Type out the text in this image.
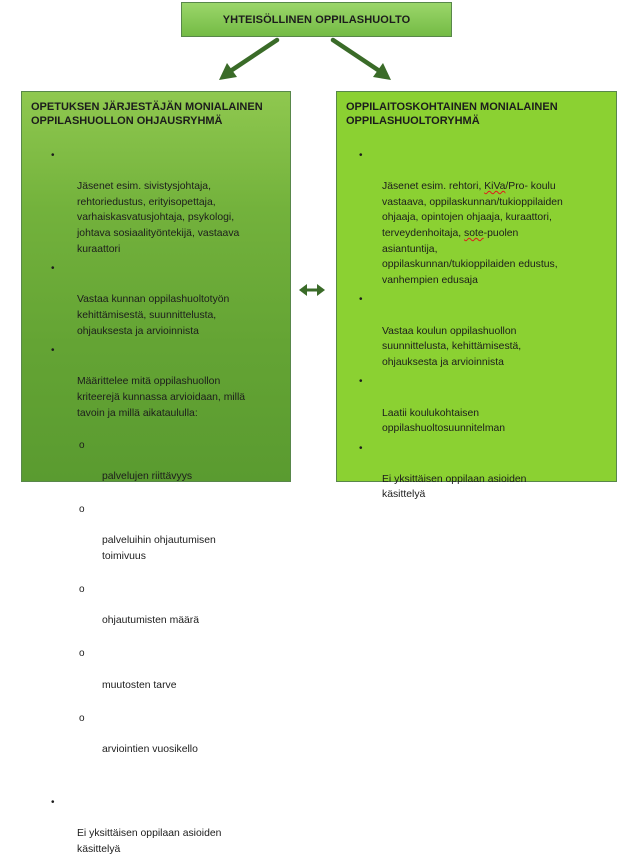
YHTEISÖLLINEN OPPILASHUOLTO
OPETUKSEN JÄRJESTÄJÄN MONIALAINEN
OPPILASHUOLLON OHJAUSRYHMÄ

•

Jäsenet esim. sivistysjohtaja,
rehtoriedustus, erityisopettaja,
varhaiskasvatusjohtaja, psykologi,
johtava sosiaalityöntekijä, vastaava
kuraattori

•

Vastaa kunnan oppilashuoltotyön
kehittämisestä, suunnittelusta,
ohjauksesta ja arvioinnista

•

Määrittelee mitä oppilashuollon
kriteerejä kunnassa arvioidaan, millä
tavoin ja millä aikataululla:

o

palvelujen riittävyys

o

palveluihin ohjautumisen
toimivuus

o

ohjautumisten määrä

o

muutosten tarve

o

arviointien vuosikello

•

Ei yksittäisen oppilaan asioiden
käsittelyä

OPPILAITOSKOHTAINEN MONIALAINEN
OPPILASHUOLTORYHMÄ

•

Jäsenet esim. rehtori, KiVa/Pro- koulu
vastaava, oppilaskunnan/tukioppilaiden
ohjaaja, opintojen ohjaaja, kuraattori,
terveydenhoitaja, sote-puolen
asiantuntija,
oppilaskunnan/tukioppilaiden edustus,
vanhempien edusaja

•

Vastaa koulun oppilashuollon
suunnittelusta, kehittämisestä,
ohjauksesta ja arvioinnista

•

Laatii koulukohtaisen
oppilashuoltosuunnitelman

•

Ei yksittäisen oppilaan asioiden
käsittelyä
